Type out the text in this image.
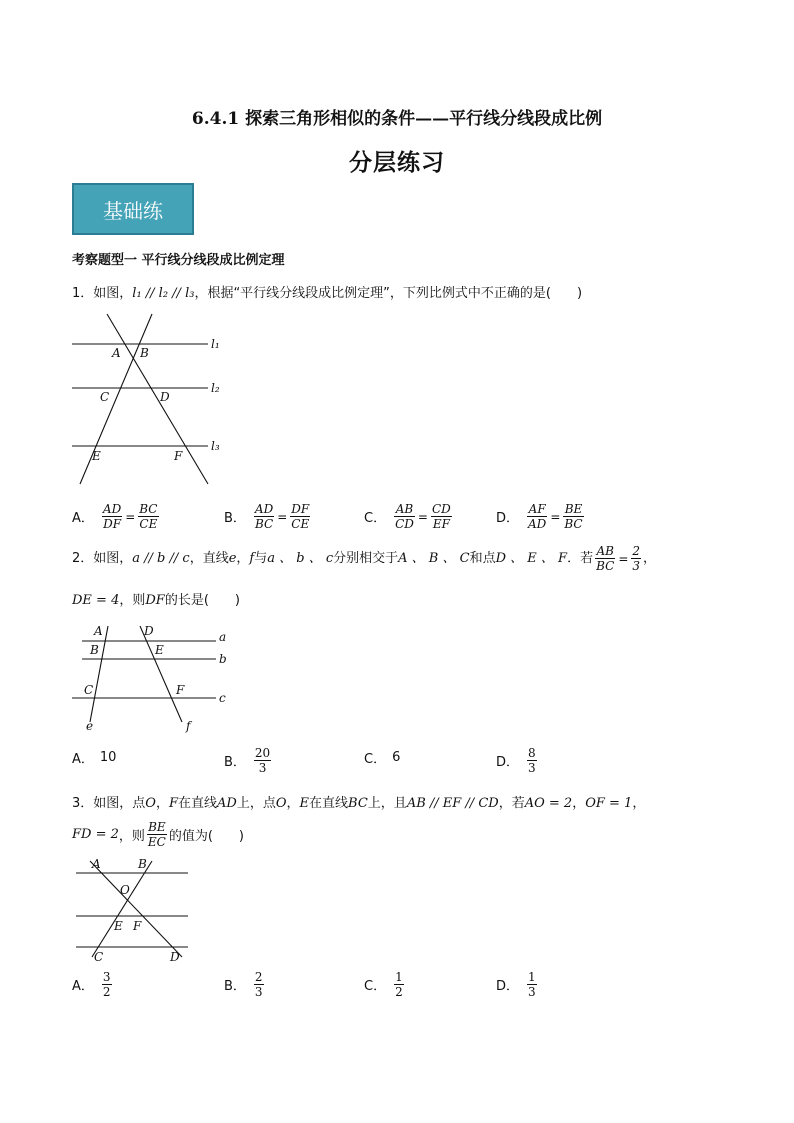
6.4.1 探索三角形相似的条件——平行线分线段成比例
分层练习
基础练
考察题型一 平行线分线段成比例定理
1．如图，l₁ // l₂ // l₃，根据“平行线分线段成比例定理”，下列比例式中不正确的是(　　)
A B
C	D
E	F
l₁
l₂
l₃
A． $\frac{AD}{DF} = \frac{BC}{CE}$	B． $\frac{AD}{BC} = \frac{DF}{CE}$	C． $\frac{AB}{CD} = \frac{CD}{EF}$	D． $\frac{AF}{AD} = \frac{BE}{BC}$
2．如图，a // b // c，直线e，f与a 、 b 、 c分别相交于A 、 B 、 C和点D 、 E 、 F．若 $\frac{AB}{BC} = \frac{2}{3}$ ，
DE = 4，则DF的长是(　　)
A	D	a
B	E
b
C	F
c
e	f
A． 10	B． $\frac{20}{3}$	C． 6	D． $\frac{8}{3}$
3．如图，点O，F在直线AD上，点O，E在直线BC上，且AB // EF // CD，若AO = 2，OF = 1，
FD = 2，则 $\frac{BE}{EC}$ 的值为(　　)
A	B
O
E F
C	D
A． $\frac{3}{2}$	B． $\frac{2}{3}$	C． $\frac{1}{2}$	D． $\frac{1}{3}$
